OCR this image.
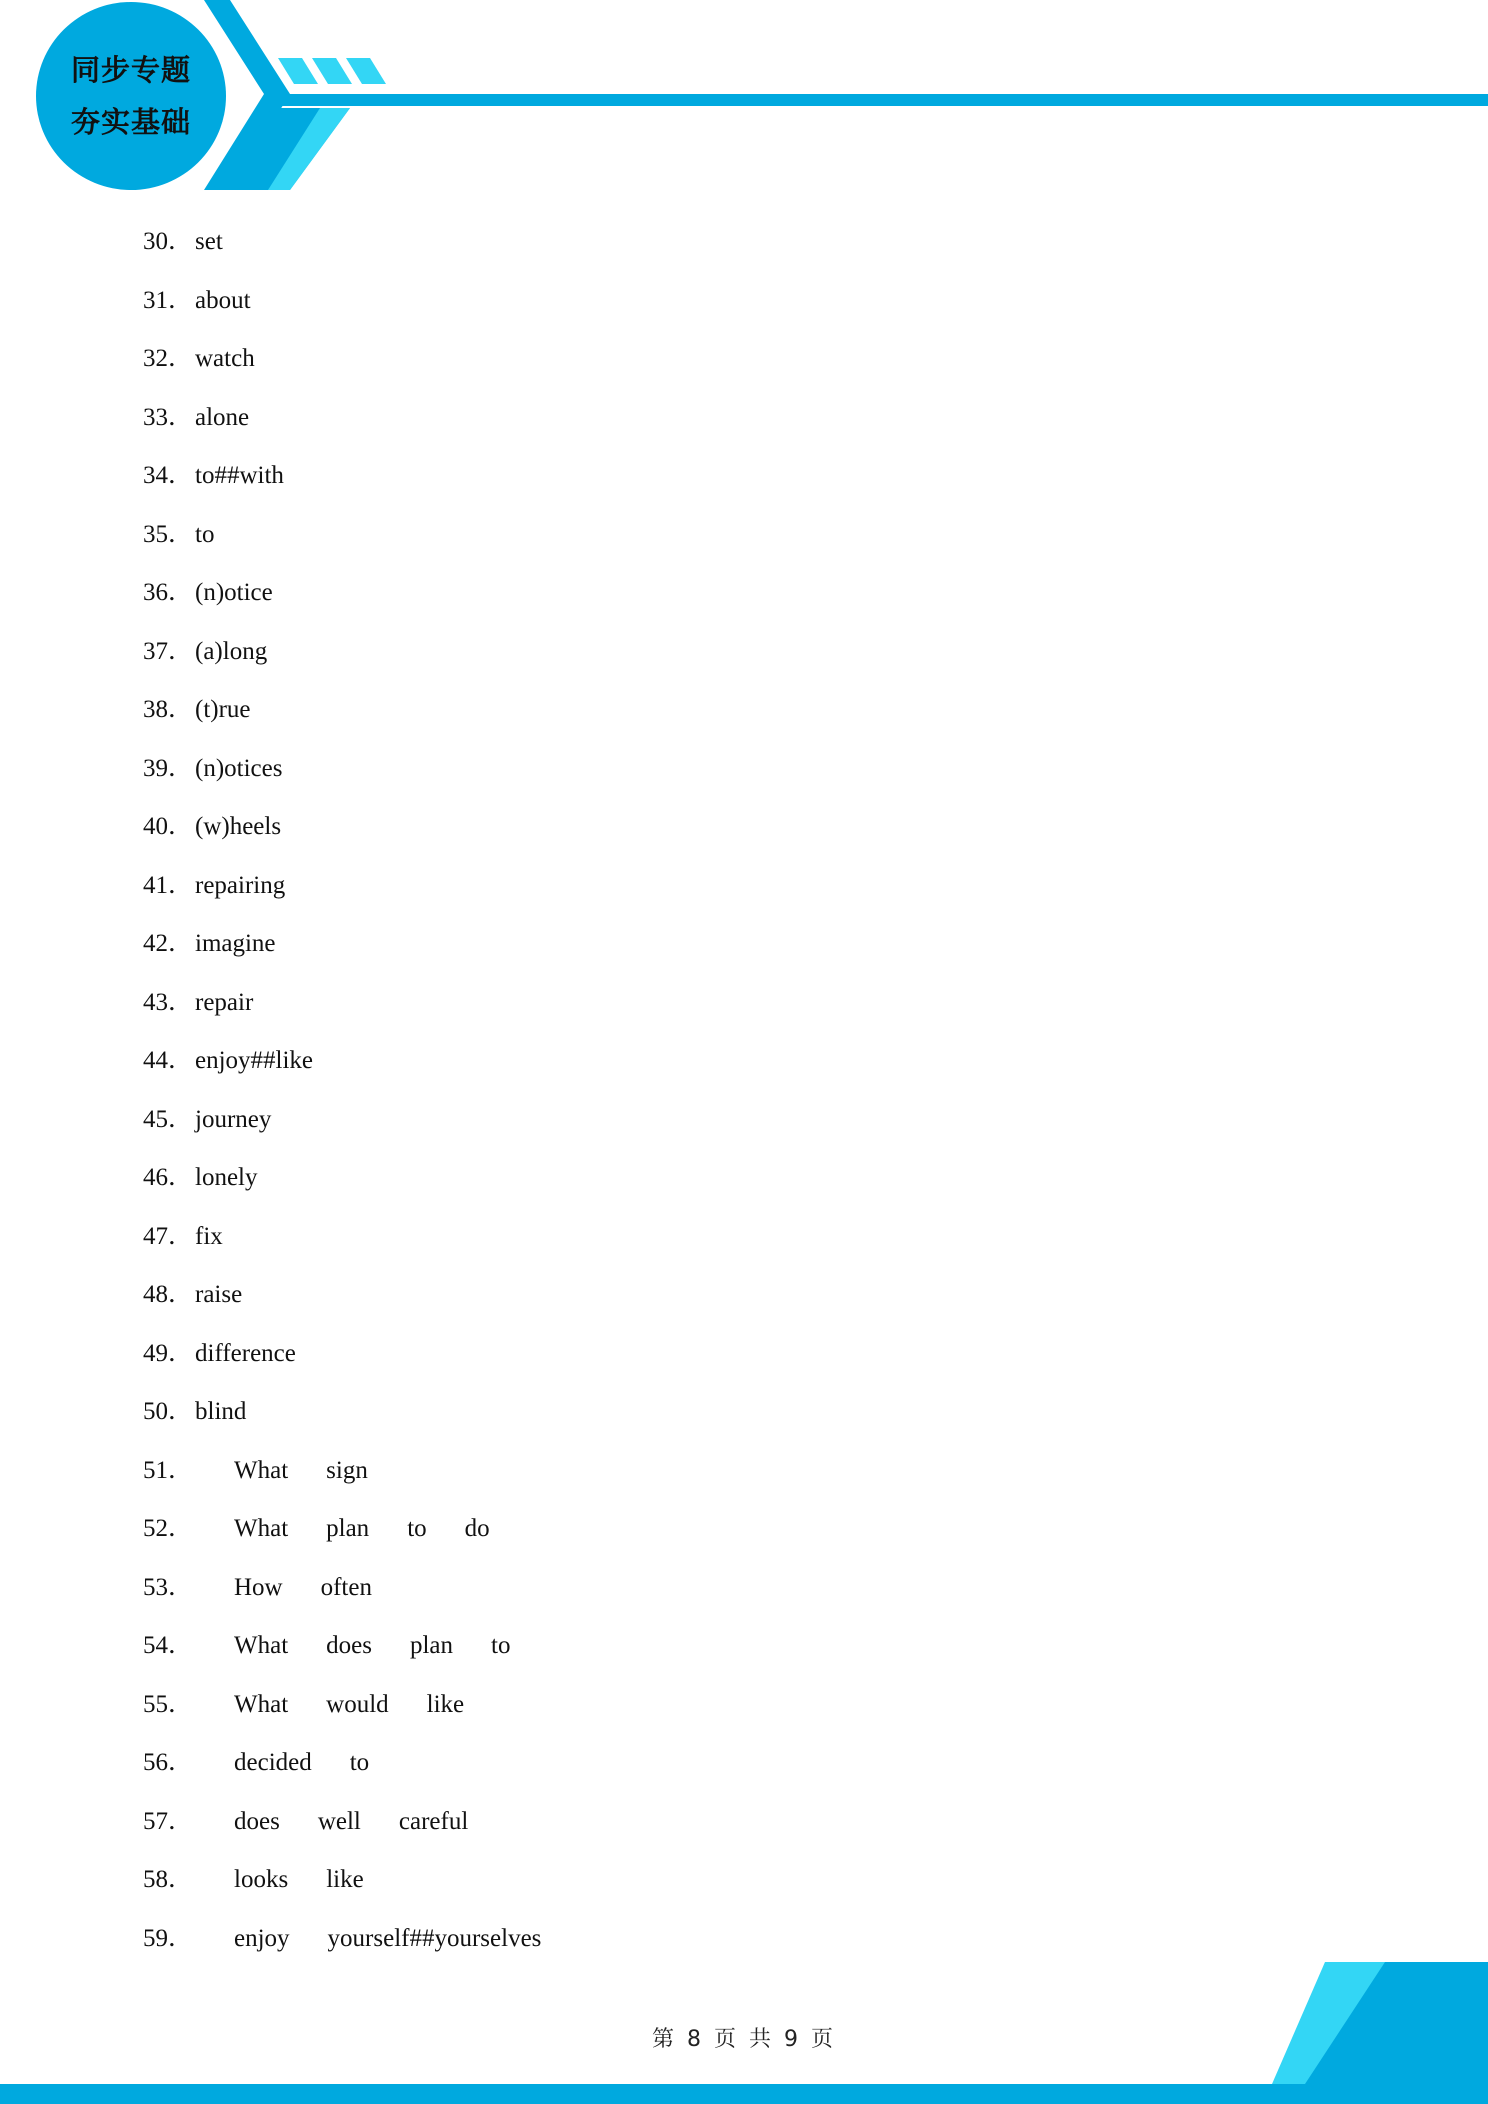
同步专题
夯实基础
30．set
31．about
32．watch
33．alone
34．to##with
35．to
36．(n)otice
37．(a)long
38．(t)rue
39．(n)otices
40．(w)heels
41．repairing
42．imagine
43．repair
44．enjoy##like
45．journey
46．lonely
47．fix
48．raise
49．difference
50．blind
51． What sign
52． What plan to do
53． How often
54． What does plan to
55． What would like
56． decided to
57． does well careful
58． looks like
59． enjoy yourself##yourselves
第 8 页 共 9 页
